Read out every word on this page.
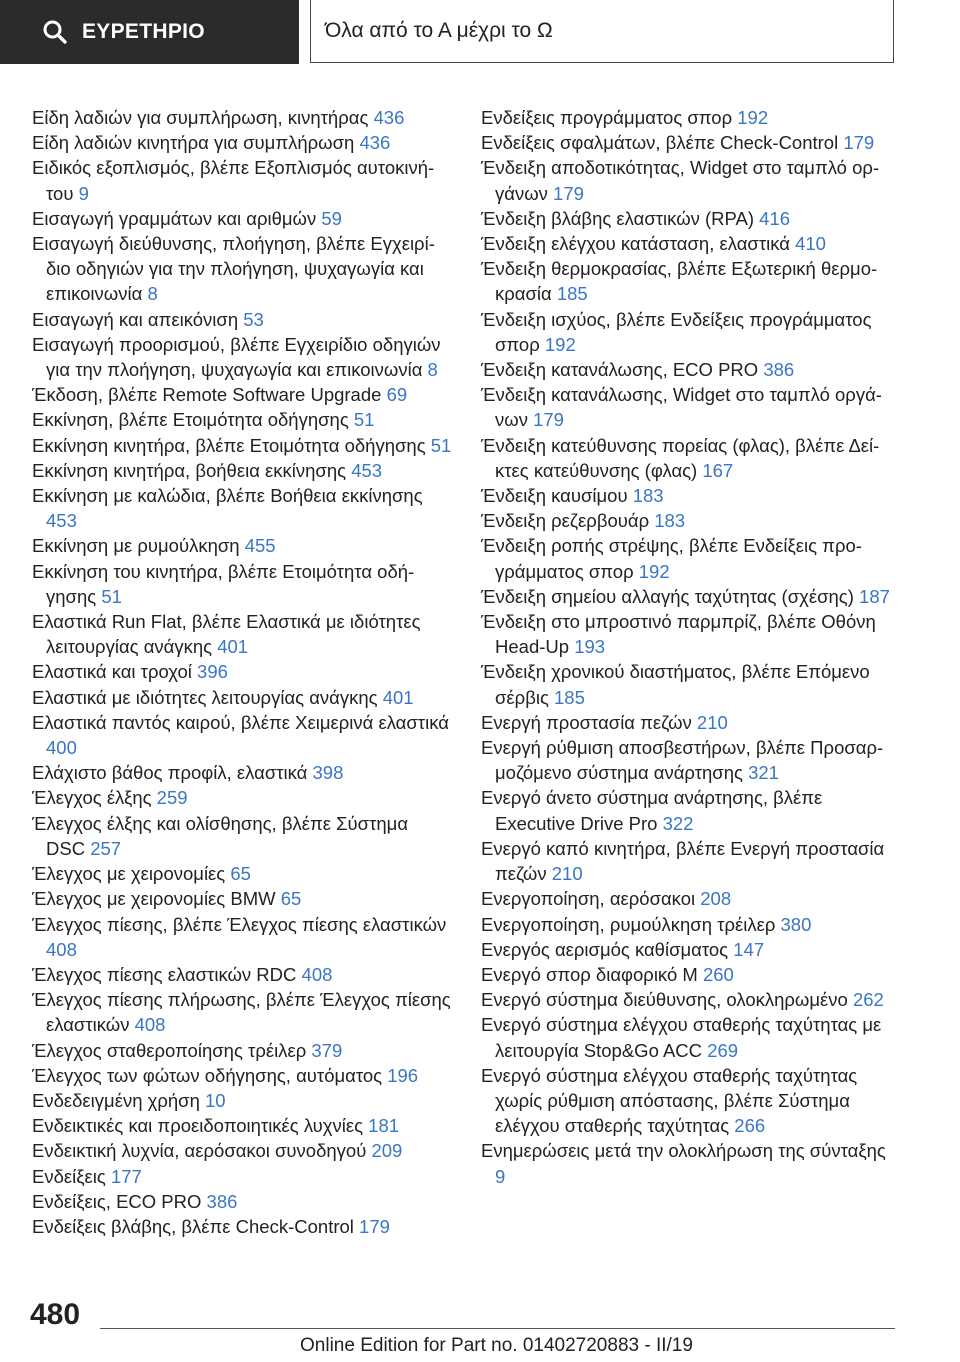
ΕΥΡΕΤΗΡΙΟ	Όλα από το Α μέχρι το Ω
Είδη λαδιών για συμπλήρωση, κινητήρας 436
Είδη λαδιών κινητήρα για συμπλήρωση 436
Ειδικός εξοπλισμός, βλέπε Εξοπλισμός αυτοκινήτου 9
Εισαγωγή γραμμάτων και αριθμών 59
Εισαγωγή διεύθυνσης, πλοήγηση, βλέπε Εγχειρίδιο οδηγιών για την πλοήγηση, ψυχαγωγία και επικοινωνία 8
Εισαγωγή και απεικόνιση 53
Εισαγωγή προορισμού, βλέπε Εγχειρίδιο οδηγιών για την πλοήγηση, ψυχαγωγία και επικοινωνία 8
Έκδοση, βλέπε Remote Software Upgrade 69
Εκκίνηση, βλέπε Ετοιμότητα οδήγησης 51
Εκκίνηση κινητήρα, βλέπε Ετοιμότητα οδήγησης 51
Εκκίνηση κινητήρα, βοήθεια εκκίνησης 453
Εκκίνηση με καλώδια, βλέπε Βοήθεια εκκίνησης 453
Εκκίνηση με ρυμούλκηση 455
Εκκίνηση του κινητήρα, βλέπε Ετοιμότητα οδήγησης 51
Ελαστικά Run Flat, βλέπε Ελαστικά με ιδιότητες λειτουργίας ανάγκης 401
Ελαστικά και τροχοί 396
Ελαστικά με ιδιότητες λειτουργίας ανάγκης 401
Ελαστικά παντός καιρού, βλέπε Χειμερινά ελαστικά 400
Ελάχιστο βάθος προφίλ, ελαστικά 398
Έλεγχος έλξης 259
Έλεγχος έλξης και ολίσθησης, βλέπε Σύστημα DSC 257
Έλεγχος με χειρονομίες 65
Έλεγχος με χειρονομίες BMW 65
Έλεγχος πίεσης, βλέπε Έλεγχος πίεσης ελαστικών 408
Έλεγχος πίεσης ελαστικών RDC 408
Έλεγχος πίεσης πλήρωσης, βλέπε Έλεγχος πίεσης ελαστικών 408
Έλεγχος σταθεροποίησης τρέιλερ 379
Έλεγχος των φώτων οδήγησης, αυτόματος 196
Ενδεδειγμένη χρήση 10
Ενδεικτικές και προειδοποιητικές λυχνίες 181
Ενδεικτική λυχνία, αερόσακοι συνοδηγού 209
Ενδείξεις 177
Ενδείξεις, ECO PRO 386
Ενδείξεις βλάβης, βλέπε Check-Control 179
Ενδείξεις προγράμματος σπορ 192
Ενδείξεις σφαλμάτων, βλέπε Check-Control 179
Ένδειξη αποδοτικότητας, Widget στο ταμπλό οργάνων 179
Ένδειξη βλάβης ελαστικών (RPA) 416
Ένδειξη ελέγχου κατάσταση, ελαστικά 410
Ένδειξη θερμοκρασίας, βλέπε Εξωτερική θερμοκρασία 185
Ένδειξη ισχύος, βλέπε Ενδείξεις προγράμματος σπορ 192
Ένδειξη κατανάλωσης, ECO PRO 386
Ένδειξη κατανάλωσης, Widget στο ταμπλό οργάνων 179
Ένδειξη κατεύθυνσης πορείας (φλας), βλέπε Δείκτες κατεύθυνσης (φλας) 167
Ένδειξη καυσίμου 183
Ένδειξη ρεζερβουάρ 183
Ένδειξη ροπής στρέψης, βλέπε Ενδείξεις προγράμματος σπορ 192
Ένδειξη σημείου αλλαγής ταχύτητας (σχέσης) 187
Ένδειξη στο μπροστινό παρμπρίζ, βλέπε Οθόνη Head-Up 193
Ένδειξη χρονικού διαστήματος, βλέπε Επόμενο σέρβις 185
Ενεργή προστασία πεζών 210
Ενεργή ρύθμιση αποσβεστήρων, βλέπε Προσαρμοζόμενο σύστημα ανάρτησης 321
Ενεργό άνετο σύστημα ανάρτησης, βλέπε Executive Drive Pro 322
Ενεργό καπό κινητήρα, βλέπε Ενεργή προστασία πεζών 210
Ενεργοποίηση, αερόσακοι 208
Ενεργοποίηση, ρυμούλκηση τρέιλερ 380
Ενεργός αερισμός καθίσματος 147
Ενεργό σπορ διαφορικό M 260
Ενεργό σύστημα διεύθυνσης, ολοκληρωμένο 262
Ενεργό σύστημα ελέγχου σταθερής ταχύτητας με λειτουργία Stop&Go ACC 269
Ενεργό σύστημα ελέγχου σταθερής ταχύτητας χωρίς ρύθμιση απόστασης, βλέπε Σύστημα ελέγχου σταθερής ταχύτητας 266
Ενημερώσεις μετά την ολοκλήρωση της σύνταξης 9
480
Online Edition for Part no. 01402720883 - II/19
